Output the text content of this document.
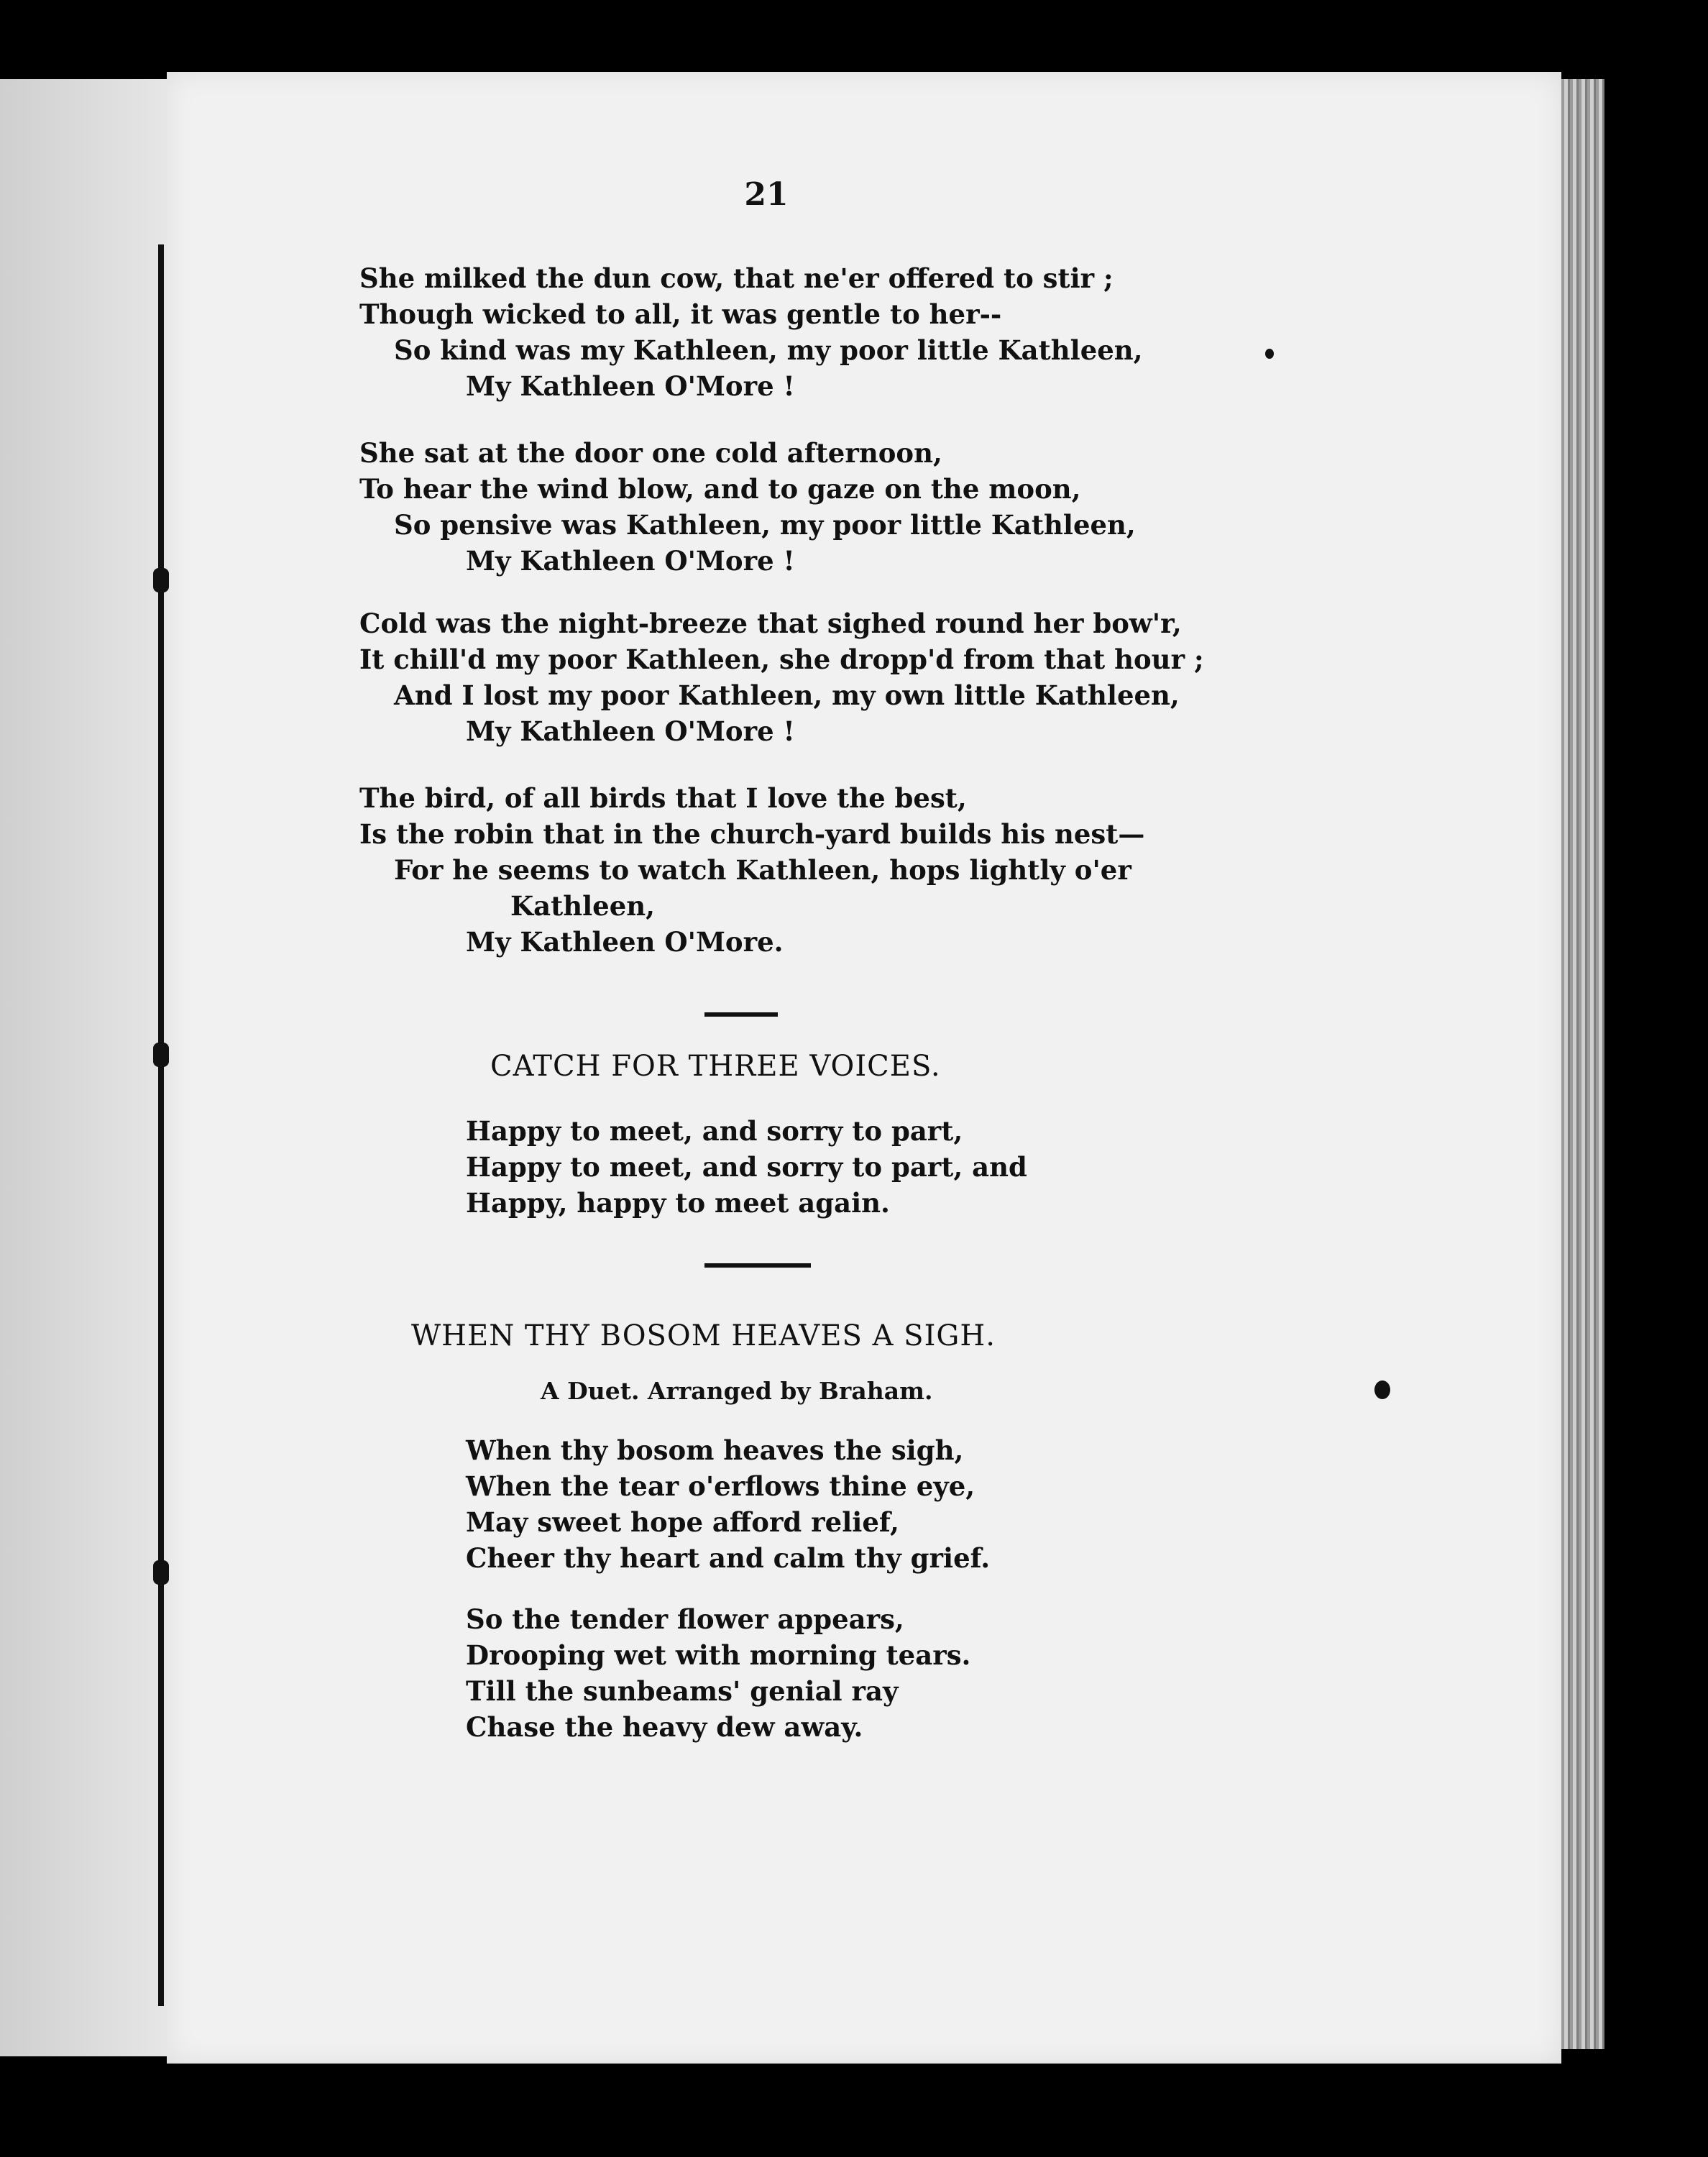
21
She milked the dun cow, that ne'er offered to stir ;
Though wicked to all, it was gentle to her--
So kind was my Kathleen, my poor little Kathleen,
My Kathleen O'More !
She sat at the door one cold afternoon,
To hear the wind blow, and to gaze on the moon,
So pensive was Kathleen, my poor little Kathleen,
My Kathleen O'More !
Cold was the night-breeze that sighed round her bow'r,
It chill'd my poor Kathleen, she dropp'd from that hour ;
And I lost my poor Kathleen, my own little Kathleen,
My Kathleen O'More !
The bird, of all birds that I love the best,
Is the robin that in the church-yard builds his nest—
For he seems to watch Kathleen, hops lightly o'er
Kathleen,
My Kathleen O'More.
CATCH FOR THREE VOICES.
Happy to meet, and sorry to part,
Happy to meet, and sorry to part, and
Happy, happy to meet again.
WHEN THY BOSOM HEAVES A SIGH.
A Duet. Arranged by Braham.
When thy bosom heaves the sigh,
When the tear o'erflows thine eye,
May sweet hope afford relief,
Cheer thy heart and calm thy grief.
So the tender flower appears,
Drooping wet with morning tears.
Till the sunbeams' genial ray
Chase the heavy dew away.
